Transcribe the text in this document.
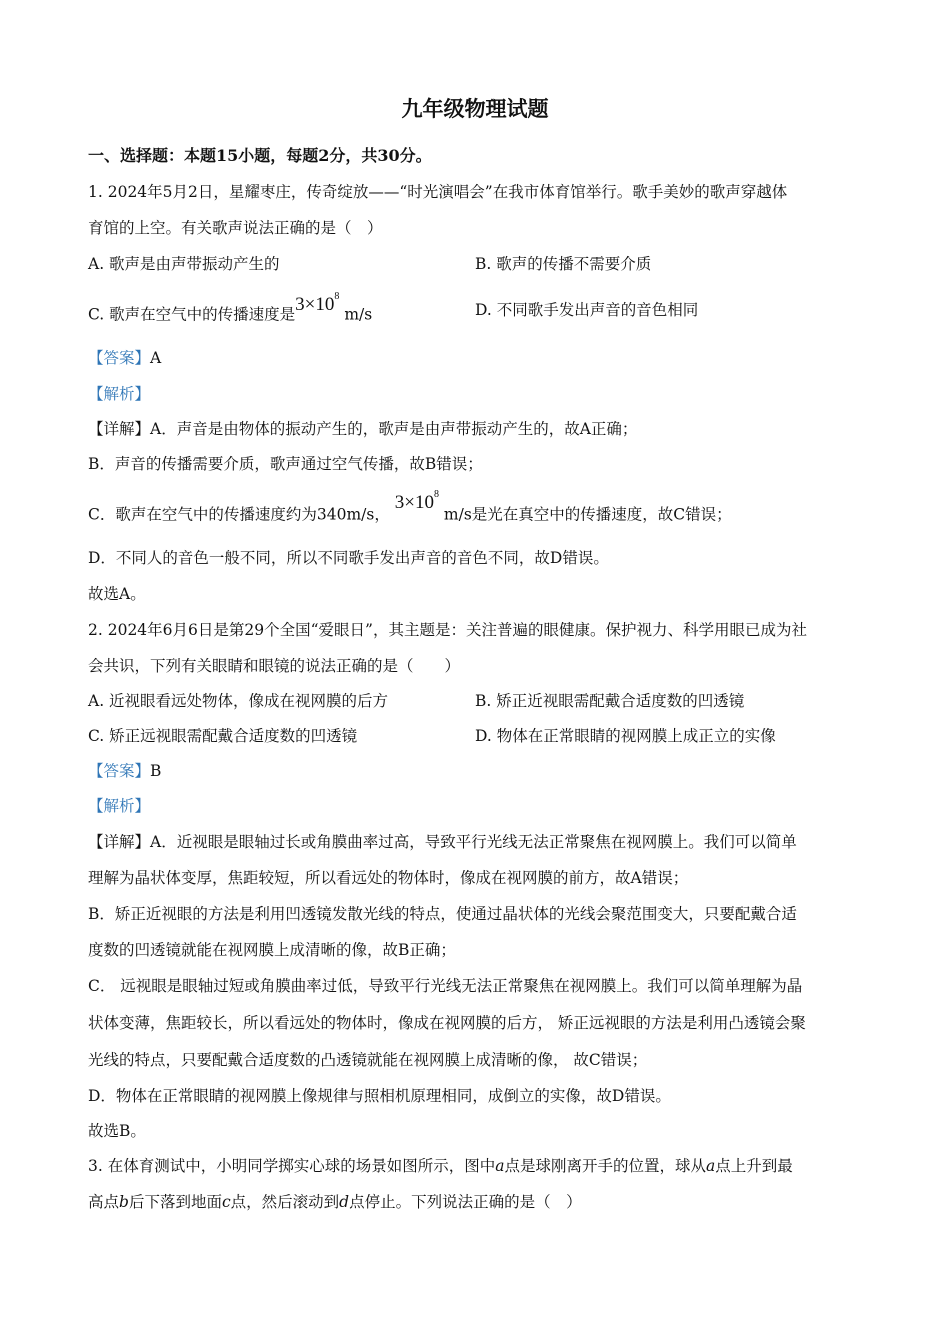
九年级物理试题
一、选择题：本题15小题，每题2分，共30分。
1. 2024年5月2日，星耀枣庄，传奇绽放——“时光演唱会”在我市体育馆举行。歌手美妙的歌声穿越体
育馆的上空。有关歌声说法正确的是（　）
A. 歌声是由声带振动产生的	B. 歌声的传播不需要介质
C. 歌声在空气中的传播速度是$3\times 10^8$ m/s	D. 不同歌手发出声音的音色相同
【答案】A
【解析】
【详解】A．声音是由物体的振动产生的，歌声是由声带振动产生的，故A正确；
B．声音的传播需要介质，歌声通过空气传播，故B错误；
C．歌声在空气中的传播速度约为340m/s， $3\times 10^8$ m/s是光在真空中的传播速度，故C错误；
D．不同人的音色一般不同，所以不同歌手发出声音的音色不同，故D错误。
故选A。
2. 2024年6月6日是第29个全国“爱眼日”，其主题是：关注普遍的眼健康。保护视力、科学用眼已成为社
会共识，下列有关眼睛和眼镜的说法正确的是（　　）
A. 近视眼看远处物体，像成在视网膜的后方	B. 矫正近视眼需配戴合适度数的凹透镜
C. 矫正远视眼需配戴合适度数的凹透镜	D. 物体在正常眼睛的视网膜上成正立的实像
【答案】B
【解析】
【详解】A．近视眼是眼轴过长或角膜曲率过高，导致平行光线无法正常聚焦在视网膜上。我们可以简单
理解为晶状体变厚，焦距较短，所以看远处的物体时，像成在视网膜的前方，故A错误；
B．矫正近视眼的方法是利用凹透镜发散光线的特点，使通过晶状体的光线会聚范围变大，只要配戴合适
度数的凹透镜就能在视网膜上成清晰的像，故B正确；
C． 远视眼是眼轴过短或角膜曲率过低，导致平行光线无法正常聚焦在视网膜上。我们可以简单理解为晶
状体变薄，焦距较长，所以看远处的物体时，像成在视网膜的后方， 矫正远视眼的方法是利用凸透镜会聚
光线的特点，只要配戴合适度数的凸透镜就能在视网膜上成清晰的像， 故C错误；
D．物体在正常眼睛的视网膜上像规律与照相机原理相同，成倒立的实像，故D错误。
故选B。
3. 在体育测试中，小明同学掷实心球的场景如图所示，图中a点是球刚离开手的位置，球从a点上升到最
高点b后下落到地面c点，然后滚动到d点停止。下列说法正确的是（　）
